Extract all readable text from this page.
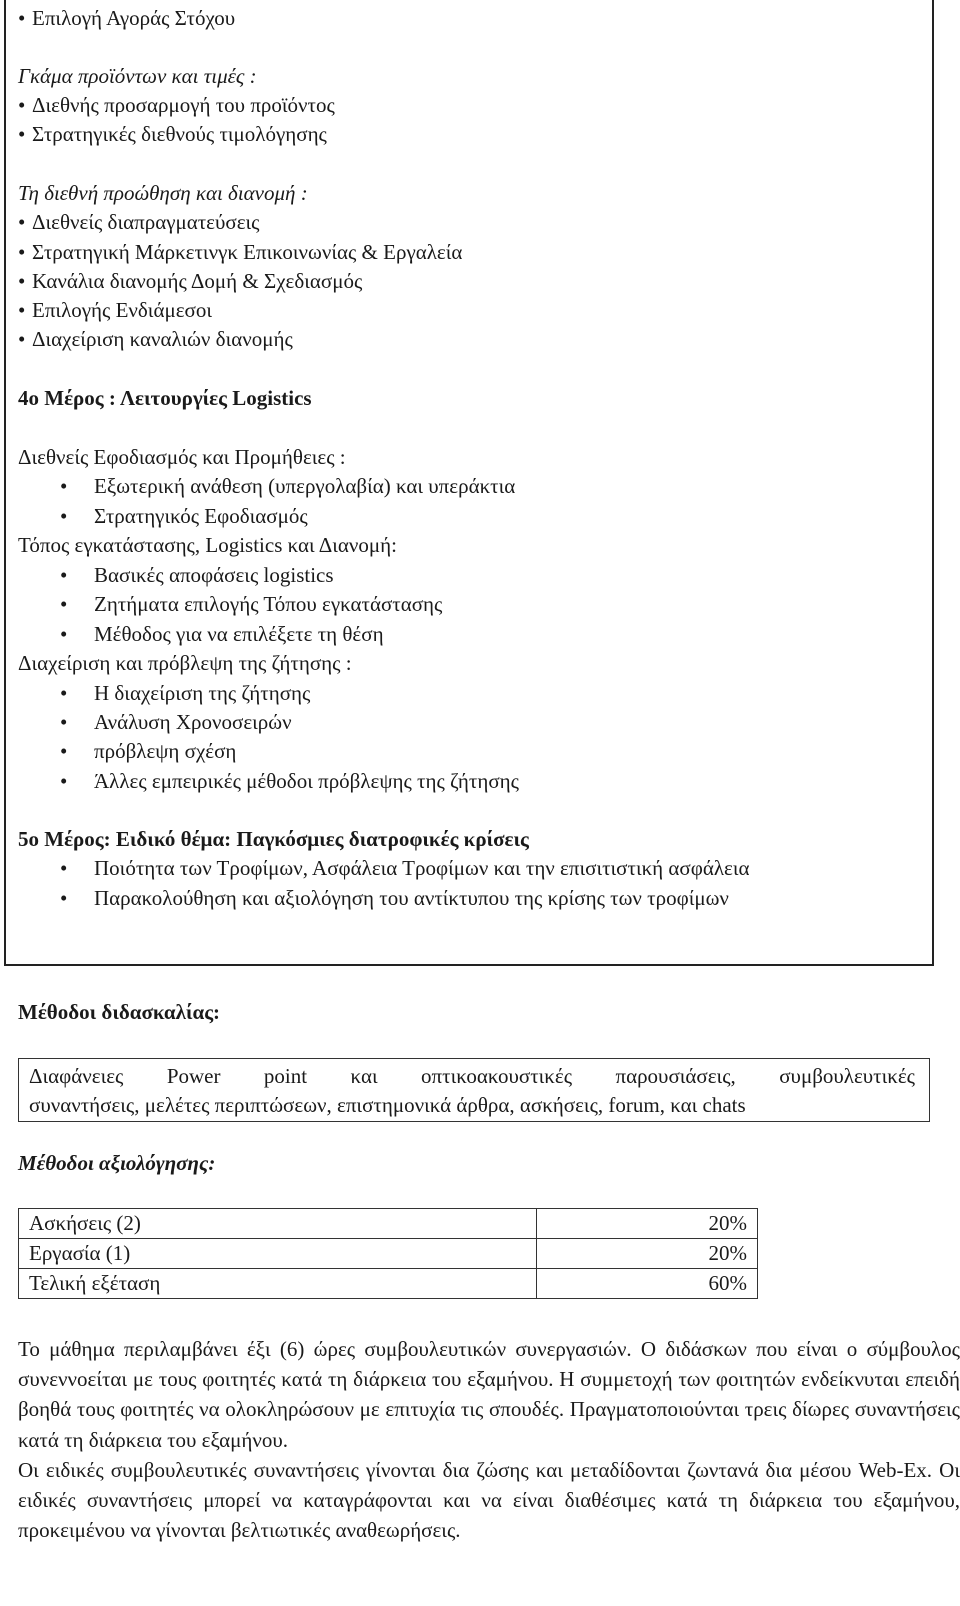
• Επιλογή Αγοράς Στόχου
Γκάμα προϊόντων και τιμές :
• Διεθνής προσαρμογή του προϊόντος
• Στρατηγικές διεθνούς τιμολόγησης
Τη διεθνή προώθηση και διανομή :
• Διεθνείς διαπραγματεύσεις
• Στρατηγική Μάρκετινγκ Επικοινωνίας & Εργαλεία
• Κανάλια διανομής Δομή & Σχεδιασμός
• Επιλογής Ενδιάμεσοι
• Διαχείριση καναλιών διανομής
4ο Μέρος : Λειτουργίες Logistics
Διεθνείς Εφοδιασμός και Προμήθειες :
• Εξωτερική ανάθεση (υπεργολαβία) και υπεράκτια
• Στρατηγικός Εφοδιασμός
Τόπος εγκατάστασης, Logistics και Διανομή:
• Βασικές αποφάσεις logistics
• Ζητήματα επιλογής Τόπου εγκατάστασης
• Μέθοδος για να επιλέξετε τη θέση
Διαχείριση και πρόβλεψη της ζήτησης :
• Η διαχείριση της ζήτησης
• Ανάλυση Χρονοσειρών
• πρόβλεψη σχέση
• Άλλες εμπειρικές μέθοδοι πρόβλεψης της ζήτησης
5ο Μέρος: Ειδικό θέμα: Παγκόσμιες διατροφικές κρίσεις
• Ποιότητα των Τροφίμων, Ασφάλεια Τροφίμων και την επισιτιστική ασφάλεια
• Παρακολούθηση και αξιολόγηση του αντίκτυπου της κρίσης των τροφίμων
Μέθοδοι διδασκαλίας:
Διαφάνειες Power point και οπτικοακουστικές παρουσιάσεις, συμβουλευτικές
συναντήσεις, μελέτες περιπτώσεων, επιστημονικά άρθρα, ασκήσεις, forum, και chats
Μέθοδοι αξιολόγησης:
Ασκήσεις (2)	20%
Εργασία (1)	20%
Τελική εξέταση	60%

Το μάθημα περιλαμβάνει έξι (6) ώρες συμβουλευτικών συνεργασιών. Ο διδάσκων που είναι ο σύμβουλος συνεννοείται με τους φοιτητές κατά τη διάρκεια του εξαμήνου. Η συμμετοχή των φοιτητών ενδείκνυται επειδή βοηθά τους φοιτητές να ολοκληρώσουν με επιτυχία τις σπουδές. Πραγματοποιούνται τρεις δίωρες συναντήσεις κατά τη διάρκεια του εξαμήνου.

Οι ειδικές συμβουλευτικές συναντήσεις γίνονται δια ζώσης και μεταδίδονται ζωντανά δια μέσου Web-Ex. Οι ειδικές συναντήσεις μπορεί να καταγράφονται και να είναι διαθέσιμες κατά τη διάρκεια του εξαμήνου, προκειμένου να γίνονται βελτιωτικές αναθεωρήσεις.
